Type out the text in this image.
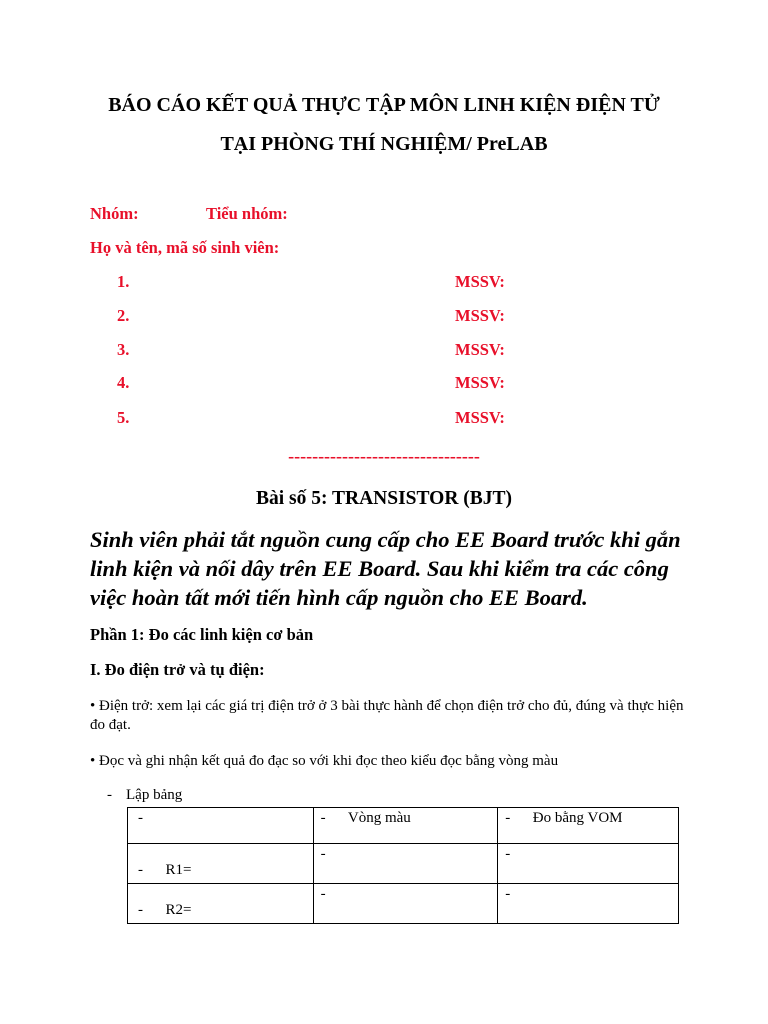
BÁO CÁO KẾT QUẢ THỰC TẬP MÔN LINH KIỆN ĐIỆN TỬ
TẠI PHÒNG THÍ NGHIỆM/ PreLAB
Nhóm:	Tiểu nhóm:
Họ và tên, mã số sinh viên:
1.	MSSV:
2.	MSSV:
3.	MSSV:
4.	MSSV:
5.	MSSV:
--------------------------------
Bài số 5: TRANSISTOR (BJT)
Sinh viên phải tắt nguồn cung cấp cho EE Board trước khi gắn linh kiện và nối dây trên EE Board. Sau khi kiểm tra các công việc hoàn tất mới tiến hình cấp nguồn cho EE Board.
Phần 1: Đo các linh kiện cơ bản
I. Đo điện trở và tụ điện:
• Điện trở: xem lại các giá trị điện trở ở 3 bài thực hành để chọn điện trở cho đủ, đúng và thực hiện đo đạt.
• Đọc và ghi nhận kết quả đo đạc so với khi đọc theo kiểu đọc bằng vòng màu
- Lập bảng
-	-      Vòng màu	-      Đo bằng VOM

-      R1=	-	-

-      R2=	-	-
